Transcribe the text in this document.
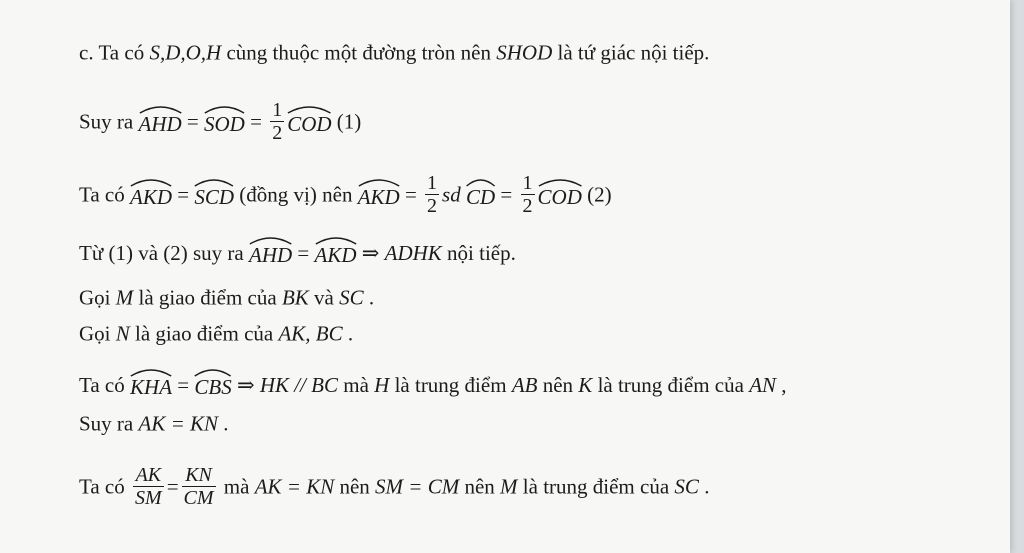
c. Ta có S,D,O,H cùng thuộc một đường tròn nên SHOD là tứ giác nội tiếp.
Suy ra AHD
= SOD
= $\frac{1}{2}$ COD
(1)
Ta có AKD
= SCD
(đồng vị) nên AKD
= $\frac{1}{2}$ sd CD
= $\frac{1}{2}$ COD
(2)
Từ (1) và (2) suy ra AHD
= AKD
⇒ ADHK nội tiếp.
Gọi M là giao điểm của BK và SC .
Gọi N là giao điểm của AK, BC .
Ta có KHA
= CBS
⇒ HK // BC mà H là trung điểm AB nên K là trung điểm của AN ,
Suy ra AK = KN .
Ta có $\frac{AK}{SM} = \frac{KN}{CM}$ mà AK = KN nên SM = CM nên M là trung điểm của SC .
